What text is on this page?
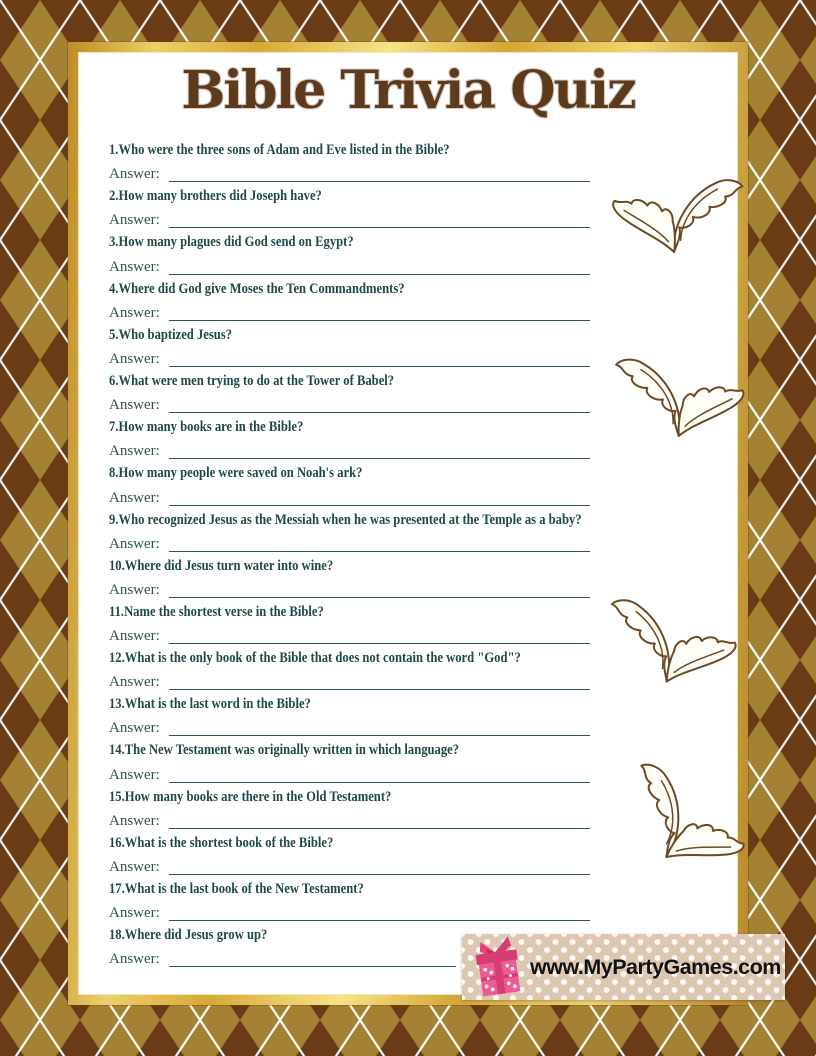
Bible Trivia Quiz
1.Who were the three sons of Adam and Eve listed in the Bible?
Answer:
2.How many brothers did Joseph have?
Answer:
3.How many plagues did God send on Egypt?
Answer:
4.Where did God give Moses the Ten Commandments?
Answer:
5.Who baptized Jesus?
Answer:
6.What were men trying to do at the Tower of Babel?
Answer:
7.How many books are in the Bible?
Answer:
8.How many people were saved on Noah's ark?
Answer:
9.Who recognized Jesus as the Messiah when he was presented at the Temple as a baby?
Answer:
10.Where did Jesus turn water into wine?
Answer:
11.Name the shortest verse in the Bible?
Answer:
12.What is the only book of the Bible that does not contain the word "God"?
Answer:
13.What is the last word in the Bible?
Answer:
14.The New Testament was originally written in which language?
Answer:
15.How many books are there in the Old Testament?
Answer:
16.What is the shortest book of the Bible?
Answer:
17.What is the last book of the New Testament?
Answer:
18.Where did Jesus grow up?
Answer:	www.MyPartyGames.com
